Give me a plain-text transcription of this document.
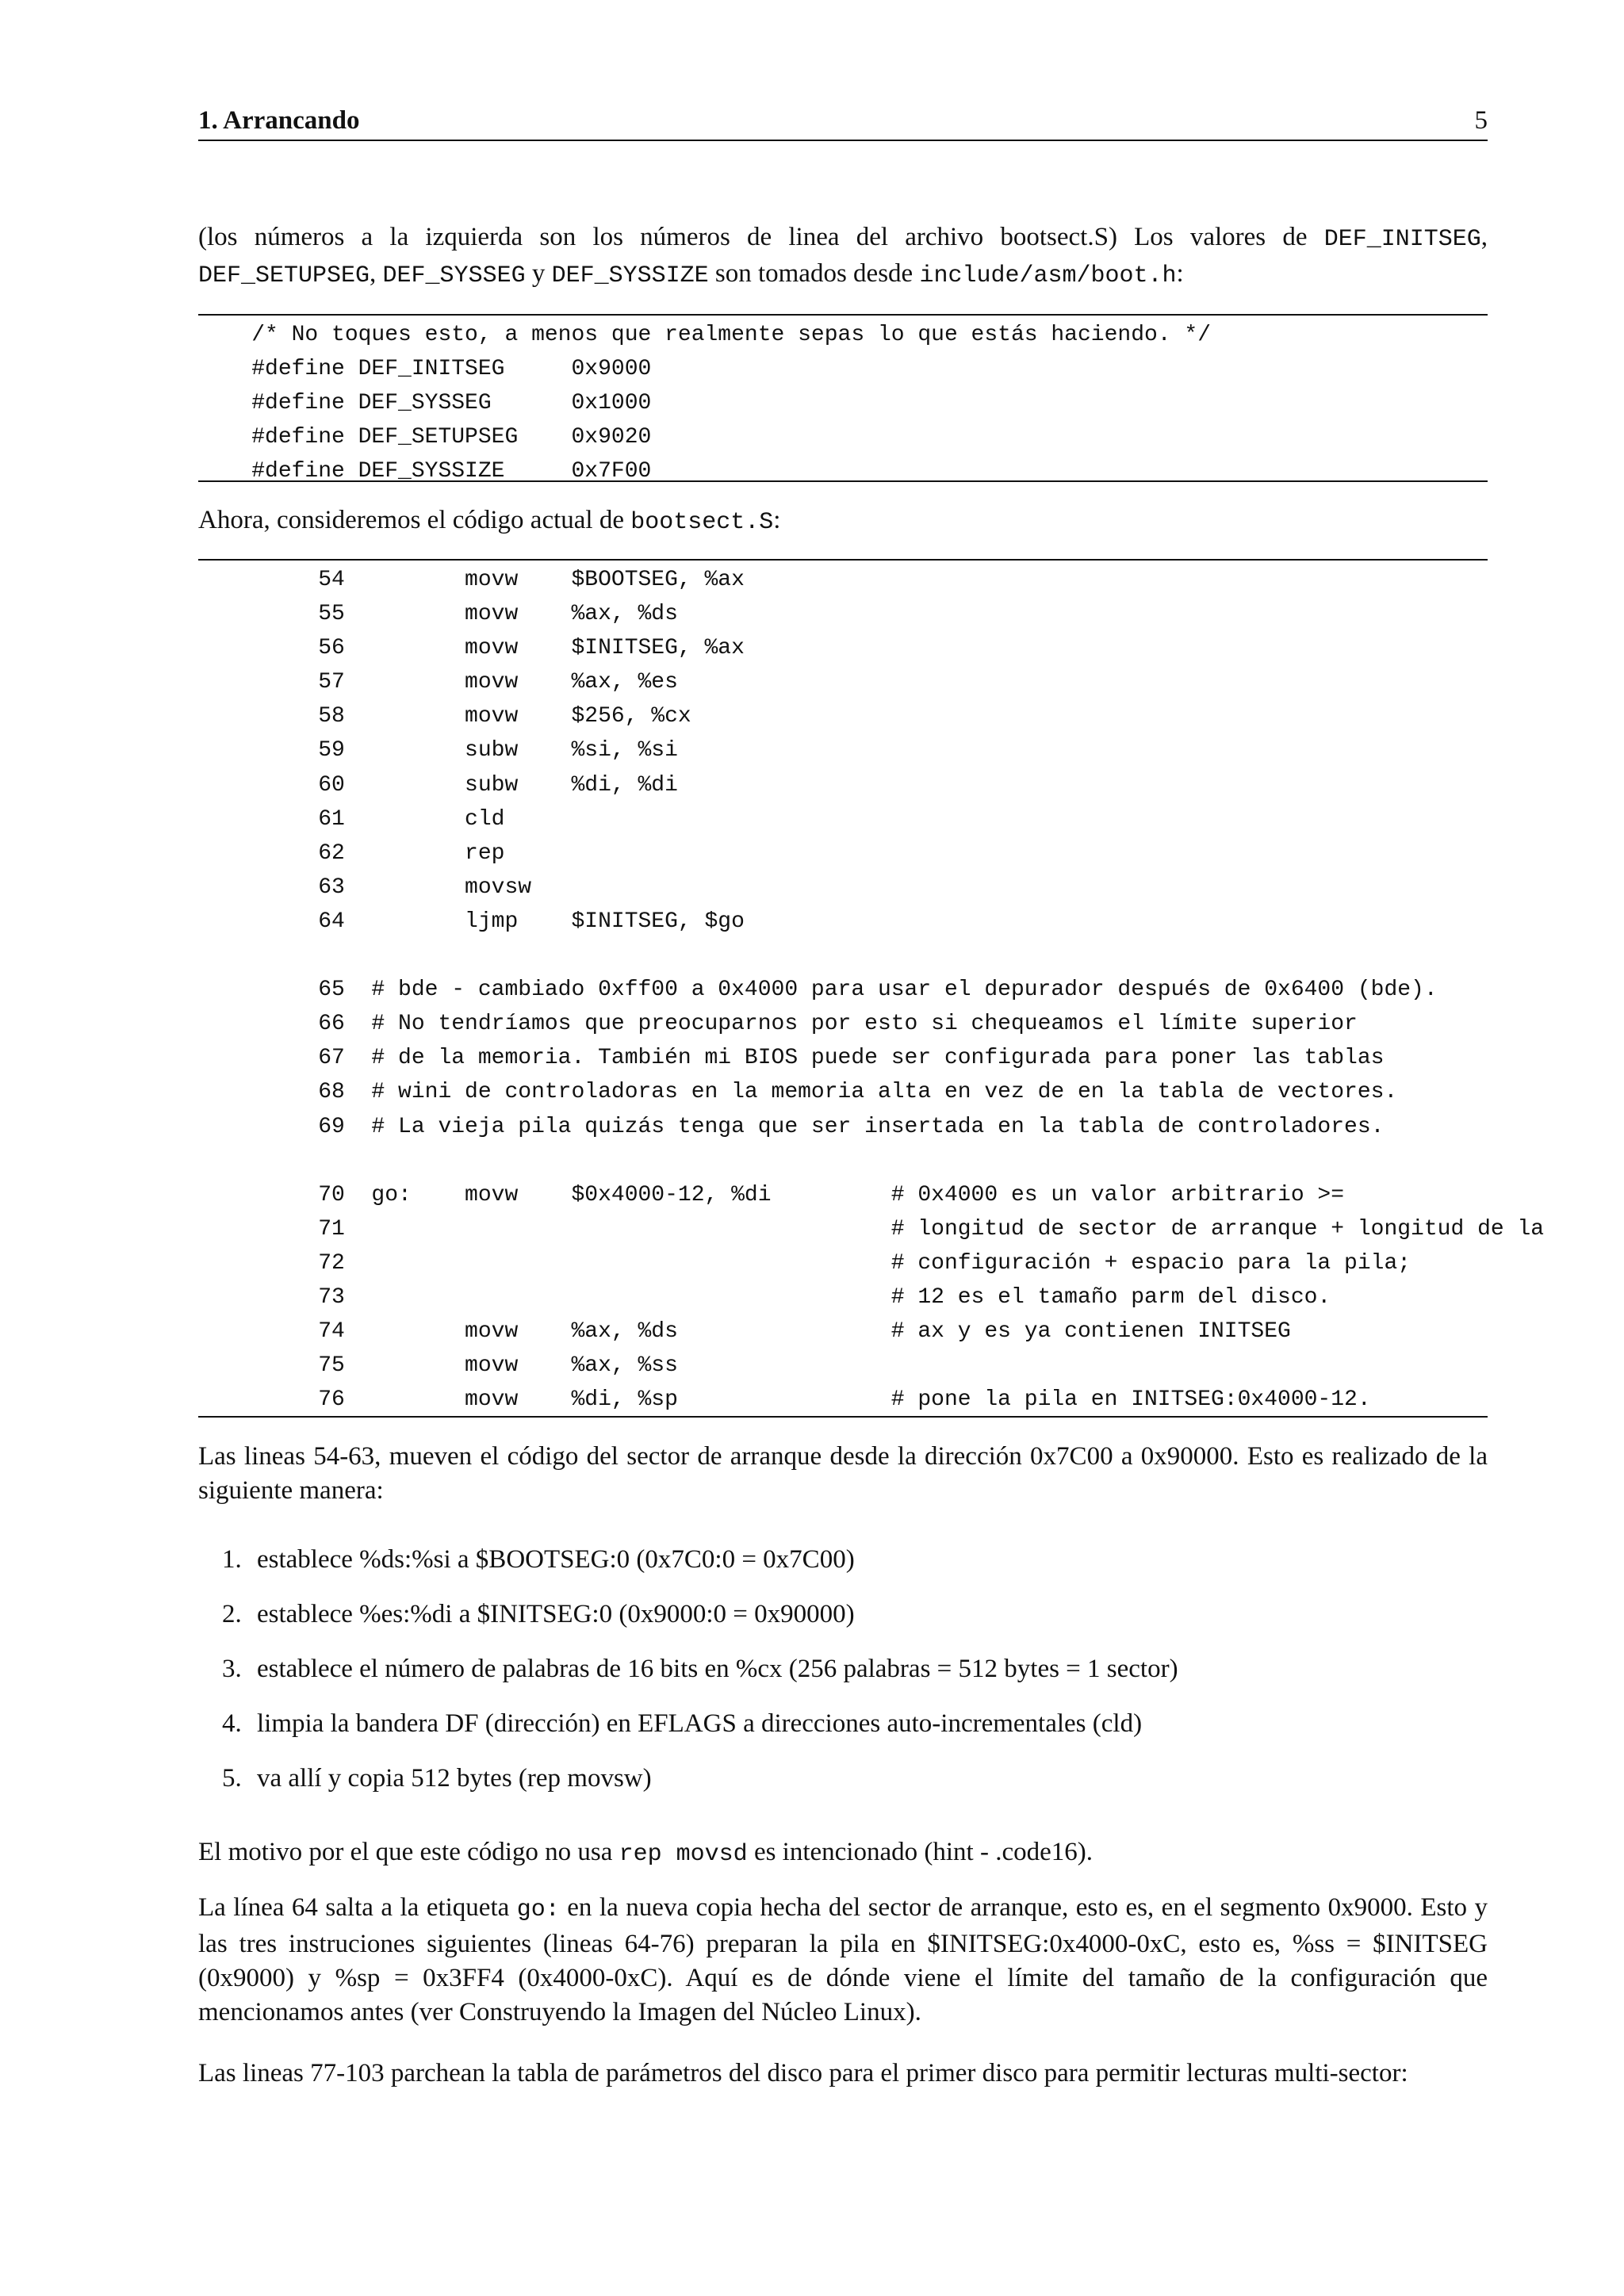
1. Arrancando	5

(los números a la izquierda son los números de linea del archivo bootsect.S) Los valores de DEF_INITSEG, DEF_SETUPSEG, DEF_SYSSEG y DEF_SYSSIZE son tomados desde include/asm/boot.h:

/* No toques esto, a menos que realmente sepas lo que estás haciendo. */
#define DEF_INITSEG     0x9000
#define DEF_SYSSEG      0x1000
#define DEF_SETUPSEG    0x9020
#define DEF_SYSSIZE     0x7F00

Ahora, consideremos el código actual de bootsect.S:

54         movw    $BOOTSEG, %ax
55         movw    %ax, %ds
56         movw    $INITSEG, %ax
57         movw    %ax, %es
58         movw    $256, %cx
59         subw    %si, %si
60         subw    %di, %di
61         cld
62         rep
63         movsw
64         ljmp    $INITSEG, $go
65  # bde - cambiado 0xff00 a 0x4000 para usar el depurador después de 0x6400 (bde).
66  # No tendríamos que preocuparnos por esto si chequeamos el límite superior
67  # de la memoria. También mi BIOS puede ser configurada para poner las tablas
68  # wini de controladoras en la memoria alta en vez de en la tabla de vectores.
69  # La vieja pila quizás tenga que ser insertada en la tabla de controladores.
70  go:    movw    $0x4000-12, %di         # 0x4000 es un valor arbitrario >=
71                                         # longitud de sector de arranque + longitud de la
72                                         # configuración + espacio para la pila;
73                                         # 12 es el tamaño parm del disco.
74         movw    %ax, %ds                # ax y es ya contienen INITSEG
75         movw    %ax, %ss
76         movw    %di, %sp                # pone la pila en INITSEG:0x4000-12.

Las lineas 54-63, mueven el código del sector de arranque desde la dirección 0x7C00 a 0x90000. Esto es realizado de la siguiente manera:

1. establece %ds:%si a $BOOTSEG:0 (0x7C0:0 = 0x7C00)
2. establece %es:%di a $INITSEG:0 (0x9000:0 = 0x90000)
3. establece el número de palabras de 16 bits en %cx (256 palabras = 512 bytes = 1 sector)
4. limpia la bandera DF (dirección) en EFLAGS a direcciones auto-incrementales (cld)
5. va allí y copia 512 bytes (rep movsw)

El motivo por el que este código no usa rep movsd es intencionado (hint - .code16).

La línea 64 salta a la etiqueta go: en la nueva copia hecha del sector de arranque, esto es, en el segmento 0x9000. Esto y las tres instruciones siguientes (lineas 64-76) preparan la pila en $INITSEG:0x4000-0xC, esto es, %ss = $INITSEG (0x9000) y %sp = 0x3FF4 (0x4000-0xC). Aquí es de dónde viene el límite del tamaño de la configuración que mencionamos antes (ver Construyendo la Imagen del Núcleo Linux).

Las lineas 77-103 parchean la tabla de parámetros del disco para el primer disco para permitir lecturas multi-sector:
